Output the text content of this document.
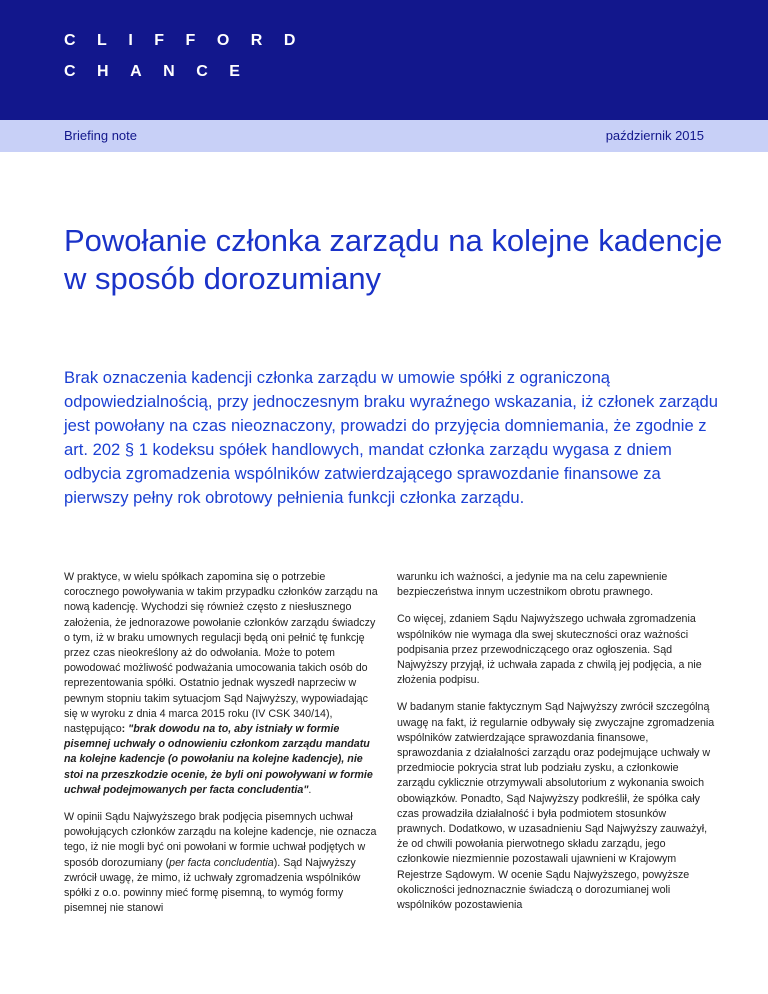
CLIFFORD
CHANCE
Briefing note	październik 2015
Powołanie członka zarządu na kolejne kadencje w sposób dorozumiany

Brak oznaczenia kadencji członka zarządu w umowie spółki z ograniczoną odpowiedzialnością, przy jednoczesnym braku wyraźnego wskazania, iż członek zarządu jest powołany na czas nieoznaczony, prowadzi do przyjęcia domniemania, że zgodnie z art. 202 § 1 kodeksu spółek handlowych, mandat członka zarządu wygasa z dniem odbycia zgromadzenia wspólników zatwierdzającego sprawozdanie finansowe za pierwszy pełny rok obrotowy pełnienia funkcji członka zarządu.

W praktyce, w wielu spółkach zapomina się o potrzebie corocznego powoływania w takim przypadku członków zarządu na nową kadencję. Wychodzi się również często z niesłusznego założenia, że jednorazowe powołanie członków zarządu świadczy o tym, iż w braku umownych regulacji będą oni pełnić tę funkcję przez czas nieokreślony aż do odwołania. Może to potem powodować możliwość podważania umocowania takich osób do reprezentowania spółki. Ostatnio jednak wyszedł naprzeciw w pewnym stopniu takim sytuacjom Sąd Najwyższy, wypowiadając się w wyroku z dnia 4 marca 2015 roku (IV CSK 340/14), następująco: "brak dowodu na to, aby istniały w formie pisemnej uchwały o odnowieniu członkom zarządu mandatu na kolejne kadencje (o powołaniu na kolejne kadencje), nie stoi na przeszkodzie ocenie, że byli oni powoływani w formie uchwał podejmowanych per facta concludentia".

W opinii Sądu Najwyższego brak podjęcia pisemnych uchwał powołujących członków zarządu na kolejne kadencje, nie oznacza tego, iż nie mogli być oni powołani w formie uchwał podjętych w sposób dorozumiany (per facta concludentia). Sąd Najwyższy zwrócił uwagę, że mimo, iż uchwały zgromadzenia wspólników spółki z o.o. powinny mieć formę pisemną, to wymóg formy pisemnej nie stanowi

warunku ich ważności, a jedynie ma na celu zapewnienie bezpieczeństwa innym uczestnikom obrotu prawnego.

Co więcej, zdaniem Sądu Najwyższego uchwała zgromadzenia wspólników nie wymaga dla swej skuteczności oraz ważności podpisania przez przewodniczącego oraz ogłoszenia. Sąd Najwyższy przyjął, iż uchwała zapada z chwilą jej podjęcia, a nie złożenia podpisu.

W badanym stanie faktycznym Sąd Najwyższy zwrócił szczególną uwagę na fakt, iż regularnie odbywały się zwyczajne zgromadzenia wspólników zatwierdzające sprawozdania finansowe, sprawozdania z działalności zarządu oraz podejmujące uchwały w przedmiocie pokrycia strat lub podziału zysku, a członkowie zarządu cyklicznie otrzymywali absolutorium z wykonania swoich obowiązków. Ponadto, Sąd Najwyższy podkreślił, że spółka cały czas prowadziła działalność i była podmiotem stosunków prawnych. Dodatkowo, w uzasadnieniu Sąd Najwyższy zauważył, że od chwili powołania pierwotnego składu zarządu, jego członkowie niezmiennie pozostawali ujawnieni w Krajowym Rejestrze Sądowym. W ocenie Sądu Najwyższego, powyższe okoliczności jednoznacznie świadczą o dorozumianej woli wspólników pozostawienia
